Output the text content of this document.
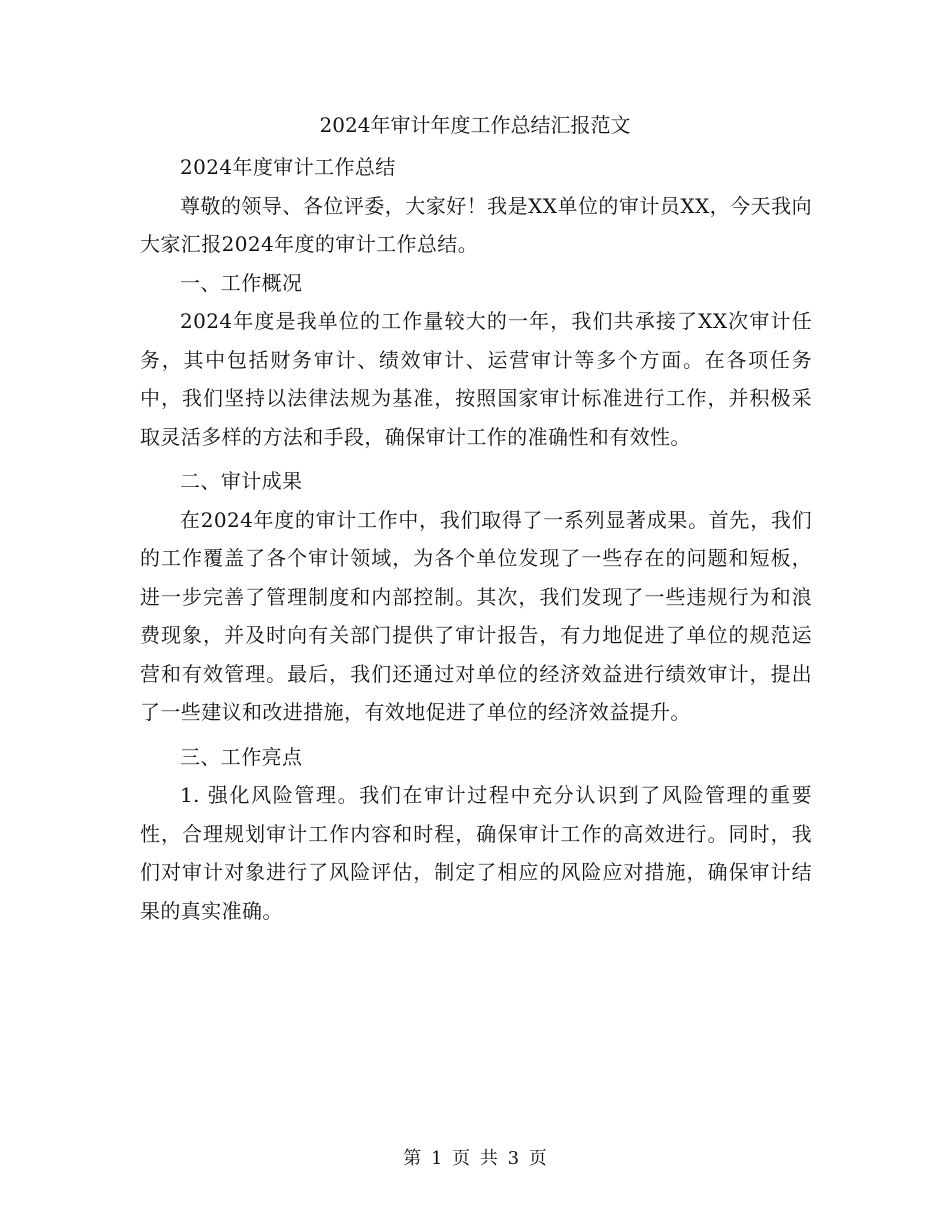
2024年审计年度工作总结汇报范文

2024年度审计工作总结

尊敬的领导、各位评委，大家好！我是XX单位的审计员XX，今天我向大家汇报2024年度的审计工作总结。

一、工作概况

2024年度是我单位的工作量较大的一年，我们共承接了XX次审计任务，其中包括财务审计、绩效审计、运营审计等多个方面。在各项任务中，我们坚持以法律法规为基准，按照国家审计标准进行工作，并积极采取灵活多样的方法和手段，确保审计工作的准确性和有效性。

二、审计成果

在2024年度的审计工作中，我们取得了一系列显著成果。首先，我们的工作覆盖了各个审计领域，为各个单位发现了一些存在的问题和短板，进一步完善了管理制度和内部控制。其次，我们发现了一些违规行为和浪费现象，并及时向有关部门提供了审计报告，有力地促进了单位的规范运营和有效管理。最后，我们还通过对单位的经济效益进行绩效审计，提出了一些建议和改进措施，有效地促进了单位的经济效益提升。

三、工作亮点

1. 强化风险管理。我们在审计过程中充分认识到了风险管理的重要性，合理规划审计工作内容和时程，确保审计工作的高效进行。同时，我们对审计对象进行了风险评估，制定了相应的风险应对措施，确保审计结果的真实准确。

第 1 页 共 3 页
